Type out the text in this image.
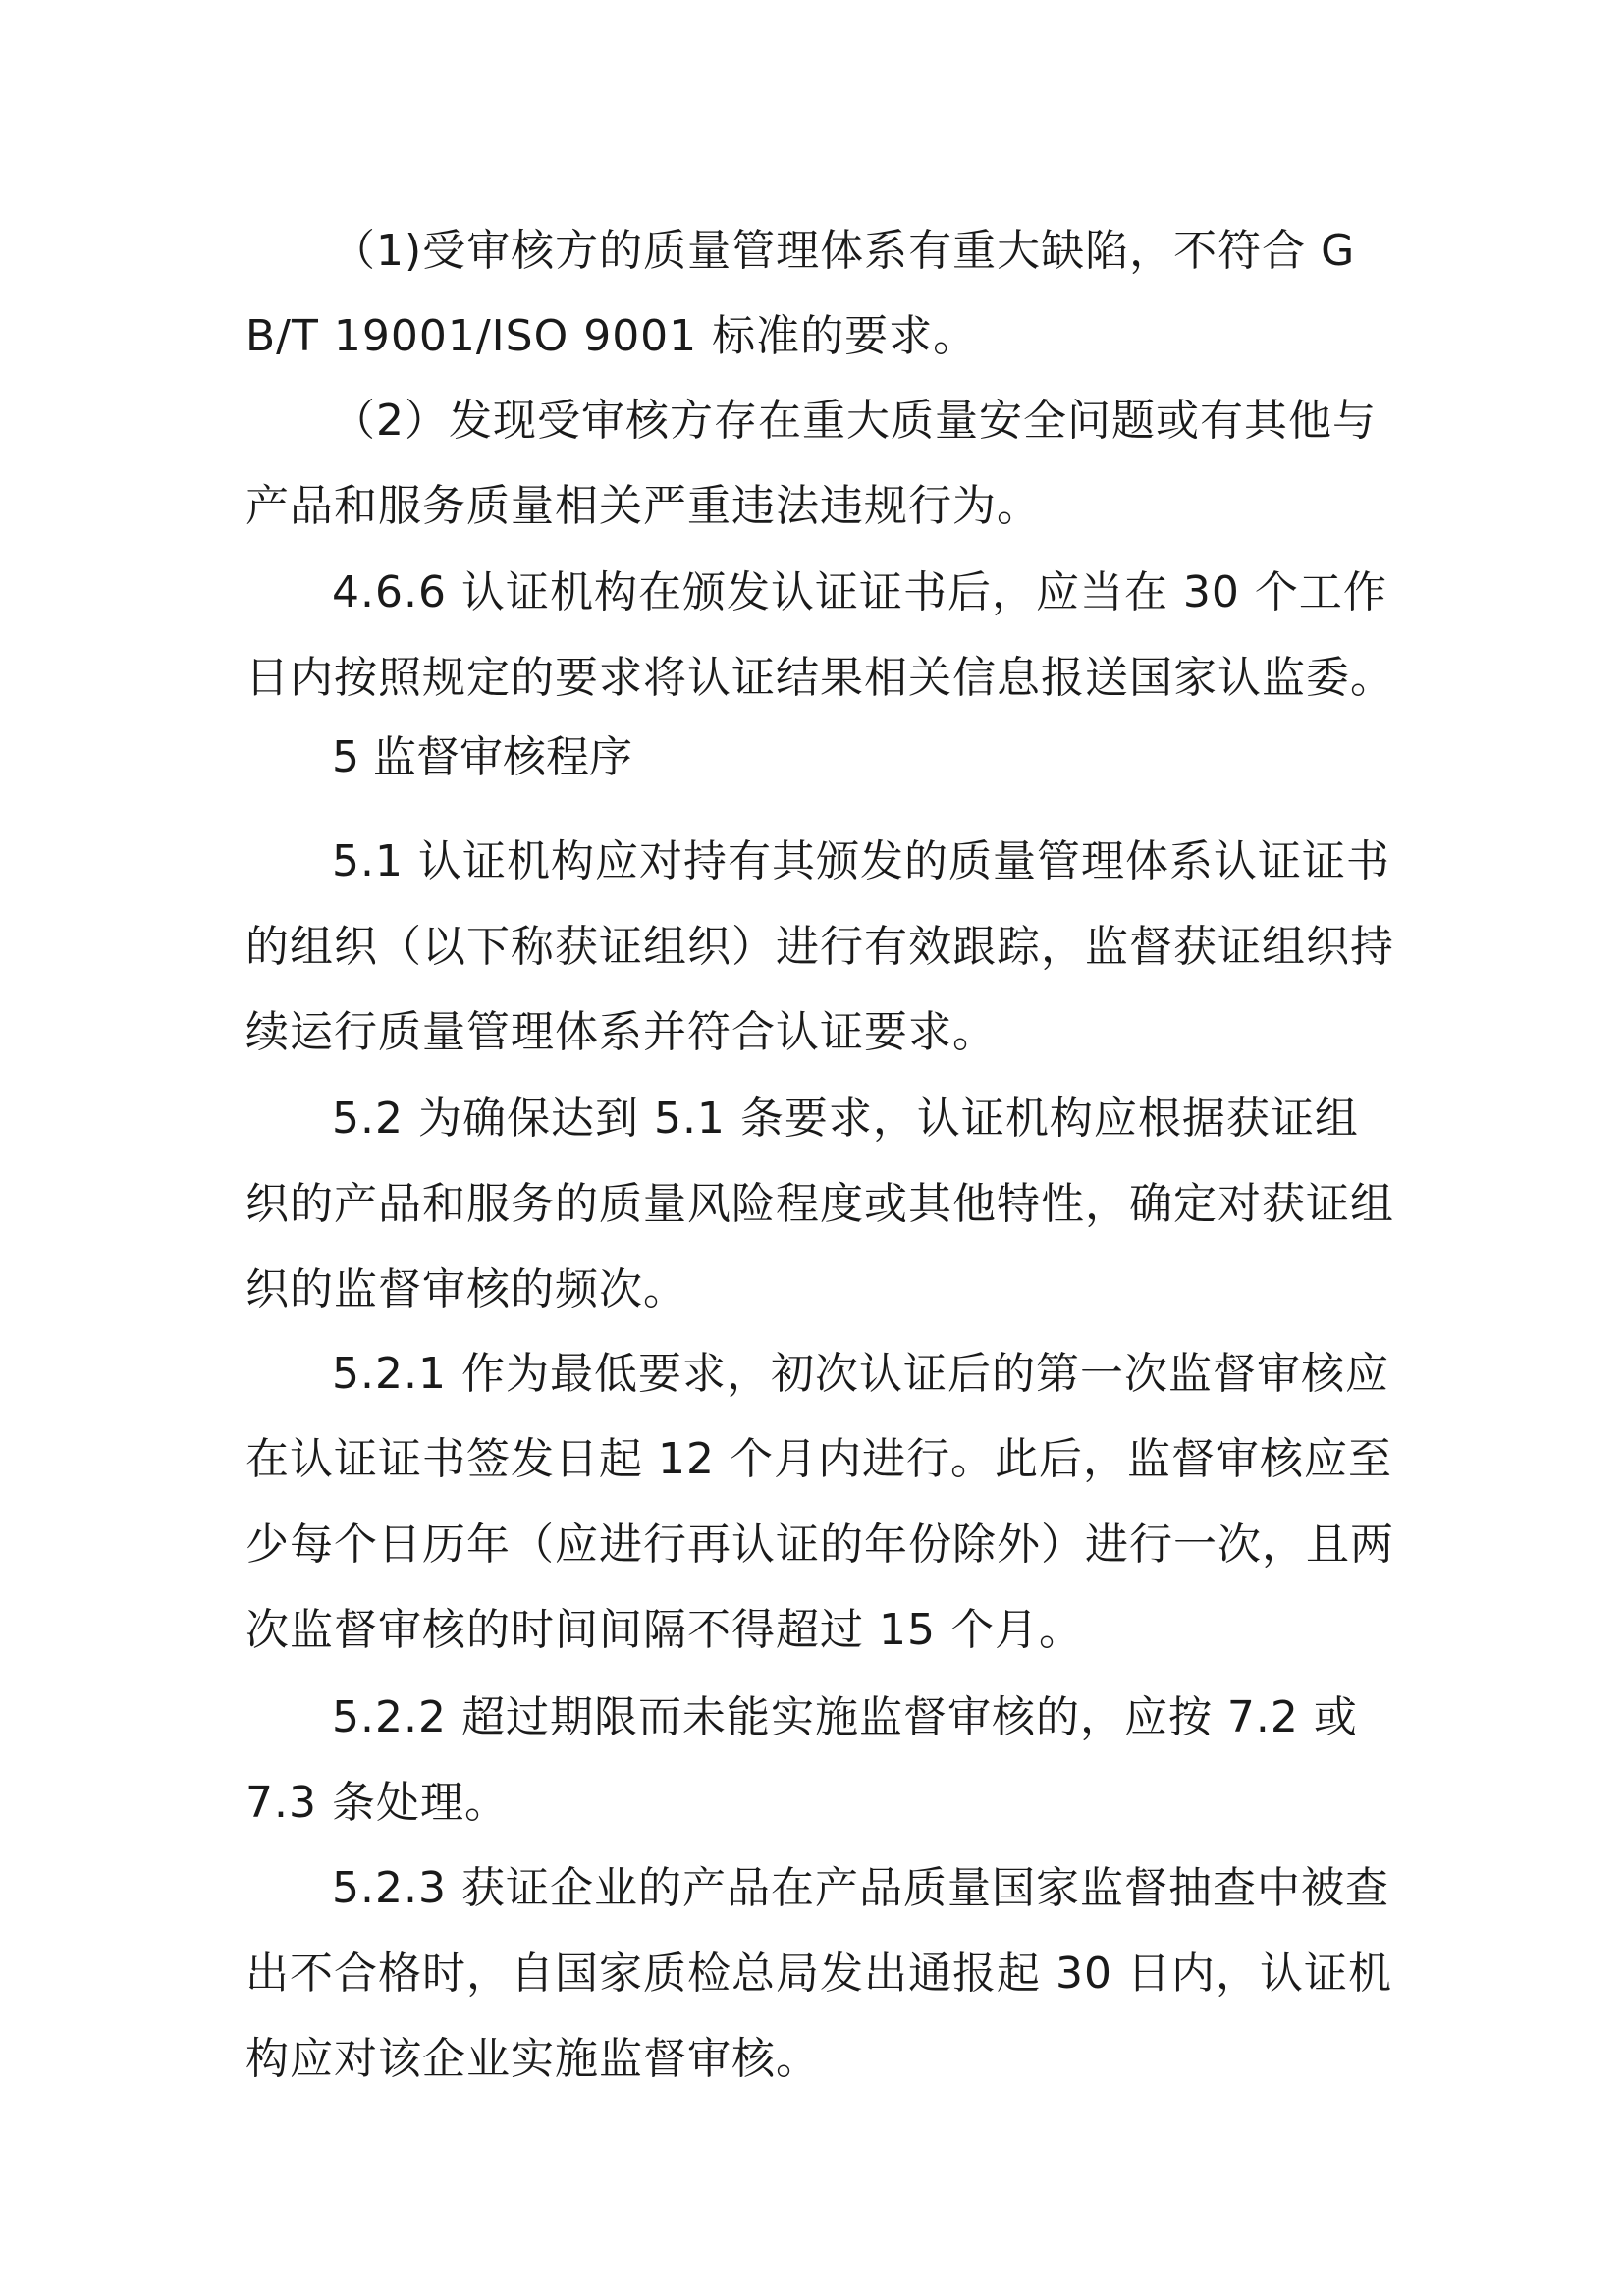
（1)受审核方的质量管理体系有重大缺陷，不符合 GB/T 19001/ISO 9001 标准的要求。

（2）发现受审核方存在重大质量安全问题或有其他与产品和服务质量相关严重违法违规行为。

4.6.6 认证机构在颁发认证证书后，应当在 30 个工作日内按照规定的要求将认证结果相关信息报送国家认监委。

5 监督审核程序

5.1 认证机构应对持有其颁发的质量管理体系认证证书的组织（以下称获证组织）进行有效跟踪，监督获证组织持续运行质量管理体系并符合认证要求。

5.2 为确保达到 5.1 条要求，认证机构应根据获证组织的产品和服务的质量风险程度或其他特性，确定对获证组织的监督审核的频次。

5.2.1 作为最低要求，初次认证后的第一次监督审核应在认证证书签发日起 12 个月内进行。此后，监督审核应至少每个日历年（应进行再认证的年份除外）进行一次，且两次监督审核的时间间隔不得超过 15 个月。

5.2.2 超过期限而未能实施监督审核的，应按 7.2 或 7.3 条处理。

5.2.3 获证企业的产品在产品质量国家监督抽查中被查出不合格时，自国家质检总局发出通报起 30 日内，认证机构应对该企业实施监督审核。
